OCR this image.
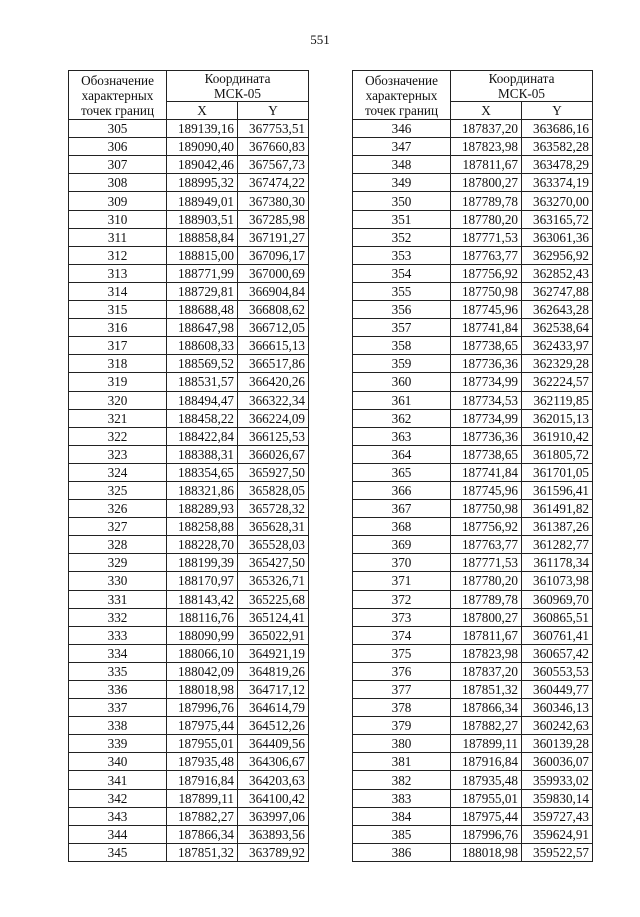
551
Обозначение
характерных
точек границ	Координата
МСК-05	
	X	Y
305	189139,16	367753,51
306	189090,40	367660,83
307	189042,46	367567,73
308	188995,32	367474,22
309	188949,01	367380,30
310	188903,51	367285,98
311	188858,84	367191,27
312	188815,00	367096,17
313	188771,99	367000,69
314	188729,81	366904,84
315	188688,48	366808,62
316	188647,98	366712,05
317	188608,33	366615,13
318	188569,52	366517,86
319	188531,57	366420,26
320	188494,47	366322,34
321	188458,22	366224,09
322	188422,84	366125,53
323	188388,31	366026,67
324	188354,65	365927,50
325	188321,86	365828,05
326	188289,93	365728,32
327	188258,88	365628,31
328	188228,70	365528,03
329	188199,39	365427,50
330	188170,97	365326,71
331	188143,42	365225,68
332	188116,76	365124,41
333	188090,99	365022,91
334	188066,10	364921,19
335	188042,09	364819,26
336	188018,98	364717,12
337	187996,76	364614,79
338	187975,44	364512,26
339	187955,01	364409,56
340	187935,48	364306,67
341	187916,84	364203,63
342	187899,11	364100,42
343	187882,27	363997,06
344	187866,34	363893,56
345	187851,32	363789,92
Обозначение
характерных
точек границ	Координата
МСК-05	
	X	Y
346	187837,20	363686,16
347	187823,98	363582,28
348	187811,67	363478,29
349	187800,27	363374,19
350	187789,78	363270,00
351	187780,20	363165,72
352	187771,53	363061,36
353	187763,77	362956,92
354	187756,92	362852,43
355	187750,98	362747,88
356	187745,96	362643,28
357	187741,84	362538,64
358	187738,65	362433,97
359	187736,36	362329,28
360	187734,99	362224,57
361	187734,53	362119,85
362	187734,99	362015,13
363	187736,36	361910,42
364	187738,65	361805,72
365	187741,84	361701,05
366	187745,96	361596,41
367	187750,98	361491,82
368	187756,92	361387,26
369	187763,77	361282,77
370	187771,53	361178,34
371	187780,20	361073,98
372	187789,78	360969,70
373	187800,27	360865,51
374	187811,67	360761,41
375	187823,98	360657,42
376	187837,20	360553,53
377	187851,32	360449,77
378	187866,34	360346,13
379	187882,27	360242,63
380	187899,11	360139,28
381	187916,84	360036,07
382	187935,48	359933,02
383	187955,01	359830,14
384	187975,44	359727,43
385	187996,76	359624,91
386	188018,98	359522,57
